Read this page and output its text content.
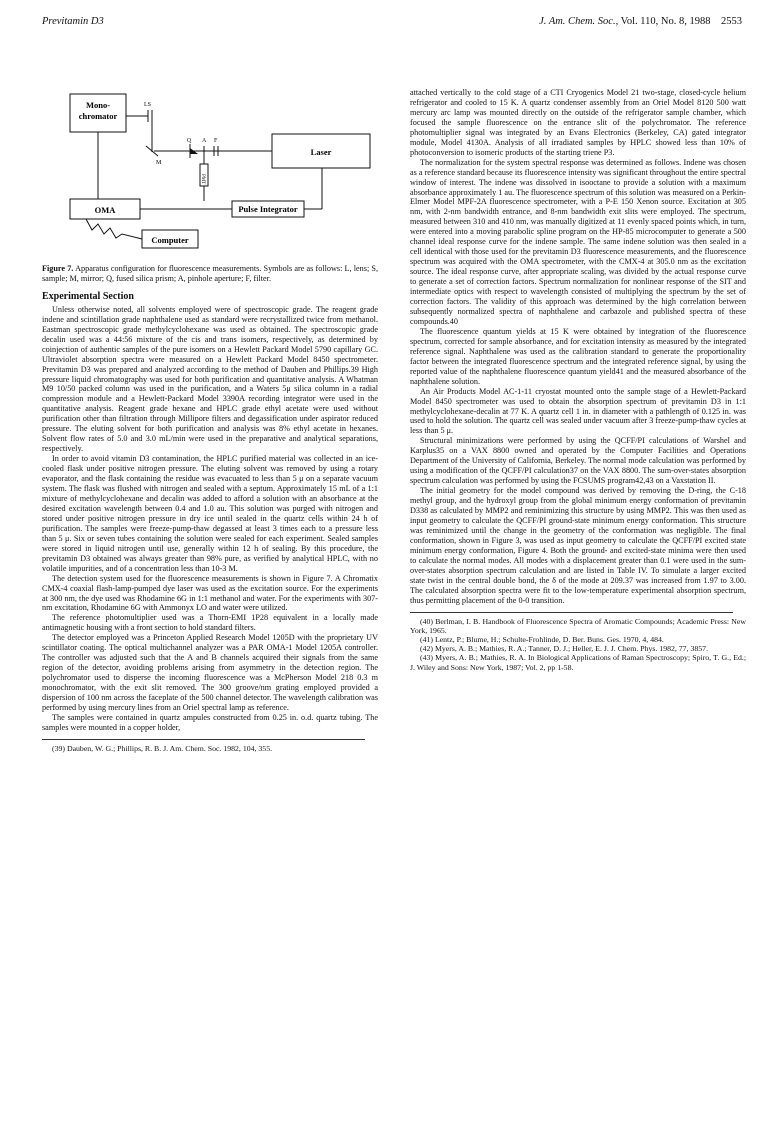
Previtamin D3	J. Am. Chem. Soc., Vol. 110, No. 8, 1988 2553
Mono-
chromator
Laser
OMA	Pulse Integrator
Computer
LS
M
Q A F
PMT

Figure 7. Apparatus configuration for fluorescence measurements. Symbols are as follows: L, lens; S, sample; M, mirror; Q, fused silica prism; A, pinhole aperture; F, filter.

Experimental Section

Unless otherwise noted, all solvents employed were of spectroscopic grade. The reagent grade indene and scintillation grade naphthalene used as standard were recrystallized twice from methanol. Eastman spectroscopic grade methylcyclohexane was used as obtained. The spectroscopic grade decalin used was a 44:56 mixture of the cis and trans isomers, respectively, as determined by coinjection of authentic samples of the pure isomers on a Hewlett Packard Model 5790 capillary GC. Ultraviolet absorption spectra were measured on a Hewlett Packard Model 8450 spectrometer. Previtamin D3 was prepared and analyzed according to the method of Dauben and Phillips.39 High pressure liquid chromatography was used for both purification and quantitative analysis. A Whatman M9 10/50 packed column was used in the purification, and a Waters 5μ silica column in a radial compression module and a Hewlett-Packard Model 3390A recording integrator were used in the quantitative analysis. Reagent grade hexane and HPLC grade ethyl acetate were used without purification other than filtration through Millipore filters and degassification under aspirator reduced pressure. The eluting solvent for both purification and analysis was 8% ethyl acetate in hexanes. Solvent flow rates of 5.0 and 3.0 mL/min were used in the preparative and analytical separations, respectively.

In order to avoid vitamin D3 contamination, the HPLC purified material was collected in an ice-cooled flask under positive nitrogen pressure. The eluting solvent was removed by using a rotary evaporator, and the flask containing the residue was evacuated to less than 5 μ on a separate vacuum system. The flask was flushed with nitrogen and sealed with a septum. Approximately 15 mL of a 1:1 mixture of methylcyclohexane and decalin was added to afford a solution with an absorbance at the desired excitation wavelength between 0.4 and 1.0 au. This solution was purged with nitrogen and stored under positive nitrogen pressure in dry ice until sealed in the quartz cells within 24 h of purification. The samples were freeze-pump-thaw degassed at least 3 times each to a pressure less than 5 μ. Six or seven tubes containing the solution were sealed for each experiment. Sealed samples were stored in liquid nitrogen until use, generally within 12 h of sealing. By this procedure, the previtamin D3 obtained was always greater than 98% pure, as verified by analytical HPLC, with no volatile impurities, and of a concentration less than 10-3 M.

The detection system used for the fluorescence measurements is shown in Figure 7. A Chromatix CMX-4 coaxial flash-lamp-pumped dye laser was used as the excitation source. For the experiments at 300 nm, the dye used was Rhodamine 6G in 1:1 methanol and water. For the experiments with 307-nm excitation, Rhodamine 6G with Ammonyx LO and water were utilized.

The reference photomultiplier used was a Thorn-EMI 1P28 equivalent in a locally made antimagnetic housing with a front section to hold standard filters.

The detector employed was a Princeton Applied Research Model 1205D with the proprietary UV scintillator coating. The optical multichannel analyzer was a PAR OMA-1 Model 1205A controller. The controller was adjusted such that the A and B channels acquired their signals from the same region of the detector, avoiding problems arising from asymmetry in the detection region. The polychromator used to disperse the incoming fluorescence was a McPherson Model 218 0.3 m monochromator, with the exit slit removed. The 300 groove/nm grating employed provided a dispersion of 100 nm across the faceplate of the 500 channel detector. The wavelength calibration was performed by using mercury lines from an Oriel spectral lamp as reference.

The samples were contained in quartz ampules constructed from 0.25 in. o.d. quartz tubing. The samples were mounted in a copper holder,

(39) Dauben, W. G.; Phillips, R. B. J. Am. Chem. Soc. 1982, 104, 355.

attached vertically to the cold stage of a CTI Cryogenics Model 21 two-stage, closed-cycle helium refrigerator and cooled to 15 K. A quartz condenser assembly from an Oriel Model 8120 500 watt mercury arc lamp was mounted directly on the outside of the refrigerator sample chamber, which focused the sample fluorescence on the entrance slit of the polychromator. The reference photomultiplier signal was integrated by an Evans Electronics (Berkeley, CA) gated integrator module, Model 4130A. Analysis of all irradiated samples by HPLC showed less than 10% of photoconversion to isomeric products of the starting triene P3.

The normalization for the system spectral response was determined as follows. Indene was chosen as a reference standard because its fluorescence intensity was significant throughout the entire spectral window of interest. The indene was dissolved in isooctane to provide a solution with a maximum absorbance approximately 1 au. The fluorescence spectrum of this solution was measured on a Perkin-Elmer Model MPF-2A fluorescence spectrometer, with a P-E 150 Xenon source. Excitation at 305 nm, with 2-nm bandwidth entrance, and 8-nm bandwidth exit slits were employed. The spectrum, measured between 310 and 410 nm, was manually digitized at 11 evenly spaced points which, in turn, were entered into a moving parabolic spline program on the HP-85 microcomputer to generate a 500 channel ideal response curve for the indene sample. The same indene solution was then sealed in a cell identical with those used for the previtamin D3 fluorescence measurements, and the fluorescence spectrum was acquired with the OMA spectrometer, with the CMX-4 at 305.0 nm as the excitation source. The ideal response curve, after appropriate scaling, was divided by the actual response curve to generate a set of correction factors. Spectrum normalization for nonlinear response of the SIT and intermediate optics with respect to wavelength consisted of multiplying the spectrum by the set of correction factors. The validity of this approach was determined by the high correlation between subsequently normalized spectra of naphthalene and carbazole and published spectra of these compounds.40

The fluorescence quantum yields at 15 K were obtained by integration of the fluorescence spectrum, corrected for sample absorbance, and for excitation intensity as measured by the integrated reference signal. Naphthalene was used as the calibration standard to generate the proportionality factor between the integrated fluorescence spectrum and the integrated reference signal, by using the reported value of the naphthalene fluorescence quantum yield41 and the measured absorbance of the naphthalene solution.

An Air Products Model AC-1-11 cryostat mounted onto the sample stage of a Hewlett-Packard Model 8450 spectrometer was used to obtain the absorption spectrum of previtamin D3 in 1:1 methylcyclohexane-decalin at 77 K. A quartz cell 1 in. in diameter with a pathlength of 0.125 in. was used to hold the solution. The quartz cell was sealed under vacuum after 3 freeze-pump-thaw cycles at less than 5 μ.

Structural minimizations were performed by using the QCFF/PI calculations of Warshel and Karplus35 on a VAX 8800 owned and operated by the Computer Facilities and Operations Department of the University of California, Berkeley. The normal mode calculation was performed by using a modification of the QCFF/PI calculation37 on the VAX 8800. The sum-over-states absorption spectrum calculation was performed by using the FCSUMS program42,43 on a Vaxstation II.

The initial geometry for the model compound was derived by removing the D-ring, the C-18 methyl group, and the hydroxyl group from the global minimum energy conformation of previtamin D338 as calculated by MMP2 and reminimizing this structure by using MMP2. This was then used as input geometry to calculate the QCFF/PI ground-state minimum energy conformation. This structure was reminimized until the change in the geometry of the conformation was negligible. The final conformation, shown in Figure 3, was used as input geometry to calculate the QCFF/PI excited state minimum energy conformation, Figure 4. Both the ground- and excited-state minima were then used to calculate the normal modes. All modes with a displacement greater than 0.1 were used in the sum-over-states absorption spectrum calculation and are listed in Table IV. To simulate a larger excited state twist in the central double bond, the δ of the mode at 209.37 was increased from 1.97 to 3.00. The calculated absorption spectra were fit to the low-temperature experimental absorption spectrum, thus permitting placement of the 0-0 transition.

(40) Berlman, I. B. Handbook of Fluorescence Spectra of Aromatic Compounds; Academic Press: New York, 1965.

(41) Lentz, P.; Blume, H.; Schulte-Frohlinde, D. Ber. Buns. Ges. 1970, 4, 484.

(42) Myers, A. B.; Mathies, R. A.; Tanner, D. J.; Heller, E. J. J. Chem. Phys. 1982, 77, 3857.

(43) Myers, A. B.; Mathies, R. A. In Biological Applications of Raman Spectroscopy; Spiro, T. G., Ed.; J. Wiley and Sons: New York, 1987; Vol. 2, pp 1-58.
